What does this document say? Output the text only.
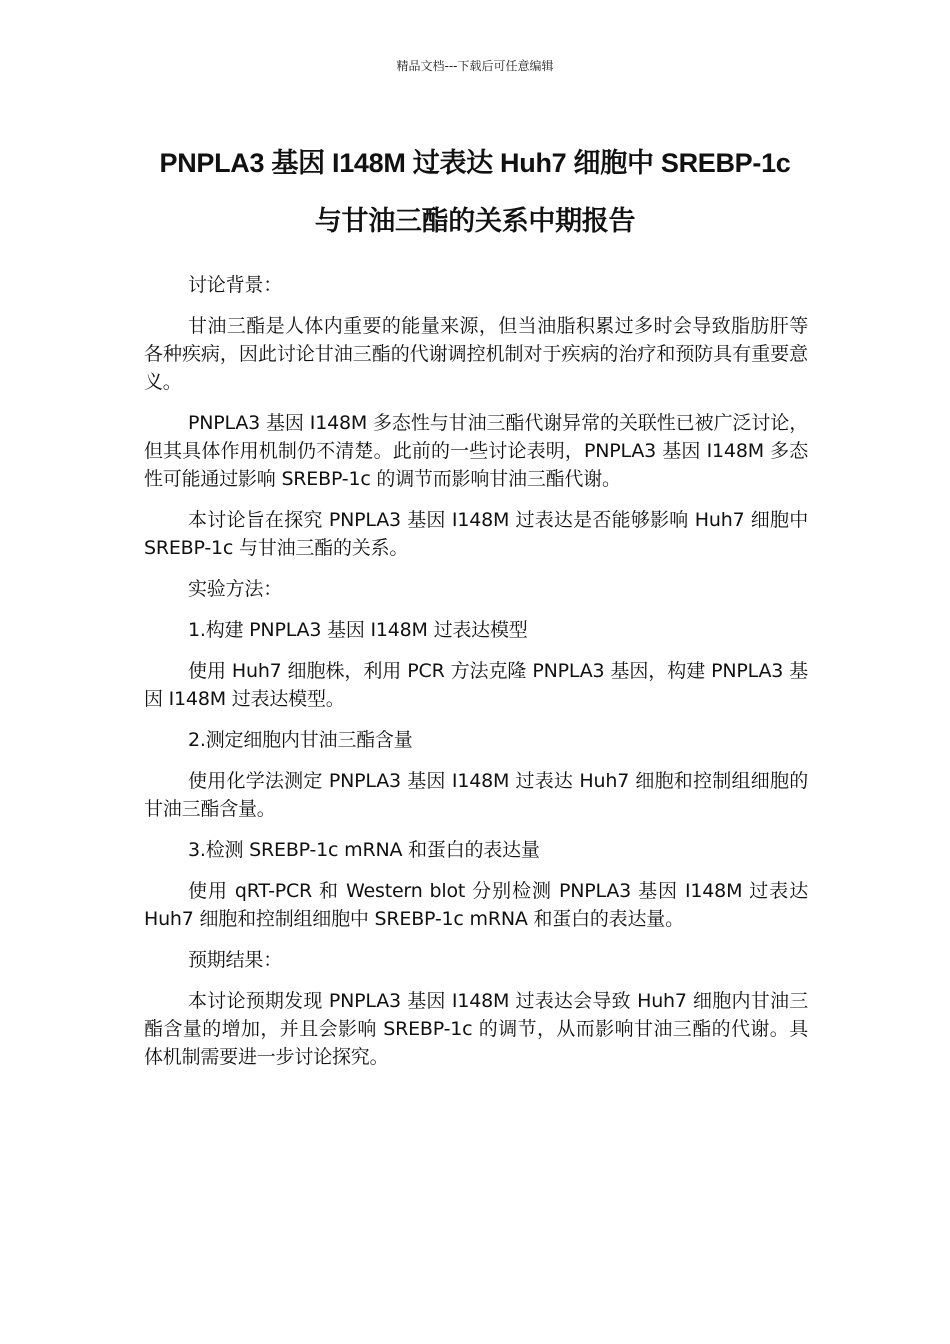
精品文档---下载后可任意编辑
PNPLA3 基因 I148M 过表达 Huh7 细胞中 SREBP-1c
与甘油三酯的关系中期报告

讨论背景：

甘油三酯是人体内重要的能量来源，但当油脂积累过多时会导致脂肪肝等各种疾病，因此讨论甘油三酯的代谢调控机制对于疾病的治疗和预防具有重要意义。

PNPLA3 基因 I148M 多态性与甘油三酯代谢异常的关联性已被广泛讨论，但其具体作用机制仍不清楚。此前的一些讨论表明，PNPLA3 基因 I148M 多态性可能通过影响 SREBP-1c 的调节而影响甘油三酯代谢。

本讨论旨在探究 PNPLA3 基因 I148M 过表达是否能够影响 Huh7 细胞中 SREBP-1c 与甘油三酯的关系。

实验方法：

1.构建 PNPLA3 基因 I148M 过表达模型

使用 Huh7 细胞株，利用 PCR 方法克隆 PNPLA3 基因，构建 PNPLA3 基因 I148M 过表达模型。

2.测定细胞内甘油三酯含量

使用化学法测定 PNPLA3 基因 I148M 过表达 Huh7 细胞和控制组细胞的甘油三酯含量。

3.检测 SREBP-1c mRNA 和蛋白的表达量

使用 qRT-PCR 和 Western blot 分别检测 PNPLA3 基因 I148M 过表达 Huh7 细胞和控制组细胞中 SREBP-1c mRNA 和蛋白的表达量。

预期结果：

本讨论预期发现 PNPLA3 基因 I148M 过表达会导致 Huh7 细胞内甘油三酯含量的增加，并且会影响 SREBP-1c 的调节，从而影响甘油三酯的代谢。具体机制需要进一步讨论探究。
